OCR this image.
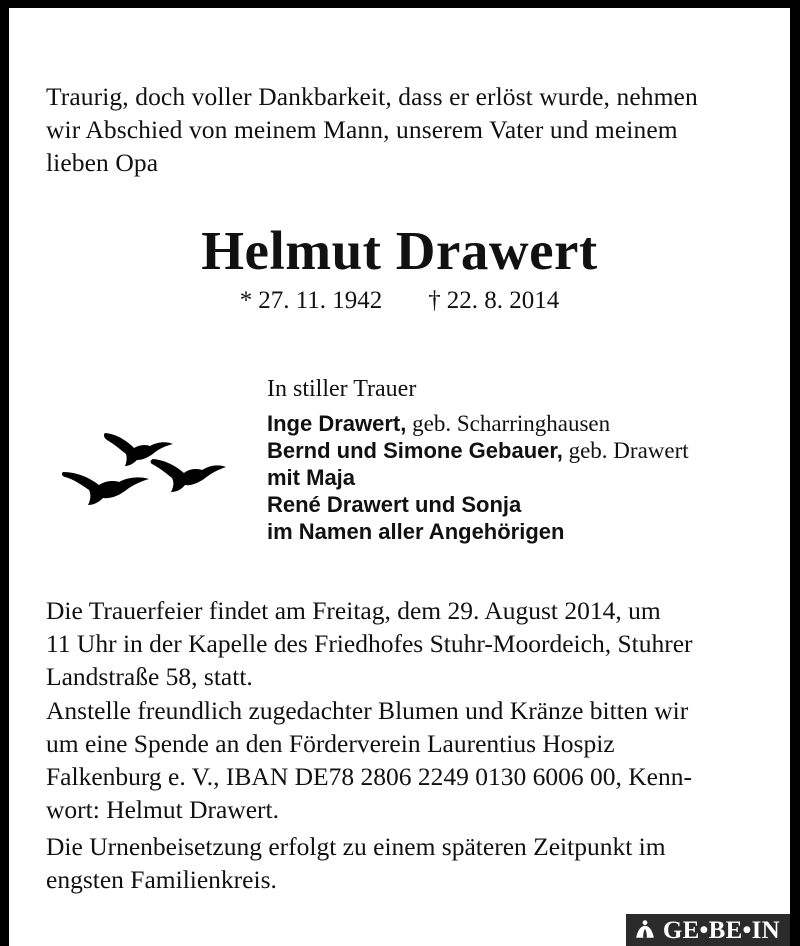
Traurig, doch voller Dankbarkeit, dass er erlöst wurde, nehmen
wir Abschied von meinem Mann, unserem Vater und meinem
lieben Opa
Helmut Drawert
* 27. 11. 1942 † 22. 8. 2014
In stiller Trauer
Inge Drawert, geb. Scharringhausen
Bernd und Simone Gebauer, geb. Drawert
mit Maja
René Drawert und Sonja
im Namen aller Angehörigen
Die Trauerfeier findet am Freitag, dem 29. August 2014, um
11 Uhr in der Kapelle des Friedhofes Stuhr-Moordeich, Stuhrer
Landstraße 58, statt.
Anstelle freundlich zugedachter Blumen und Kränze bitten wir
um eine Spende an den Förderverein Laurentius Hospiz
Falkenburg e. V., IBAN DE78 2806 2249 0130 6006 00, Kenn-
wort: Helmut Drawert.
Die Urnenbeisetzung erfolgt zu einem späteren Zeitpunkt im
engsten Familienkreis.
GE•BE•IN
